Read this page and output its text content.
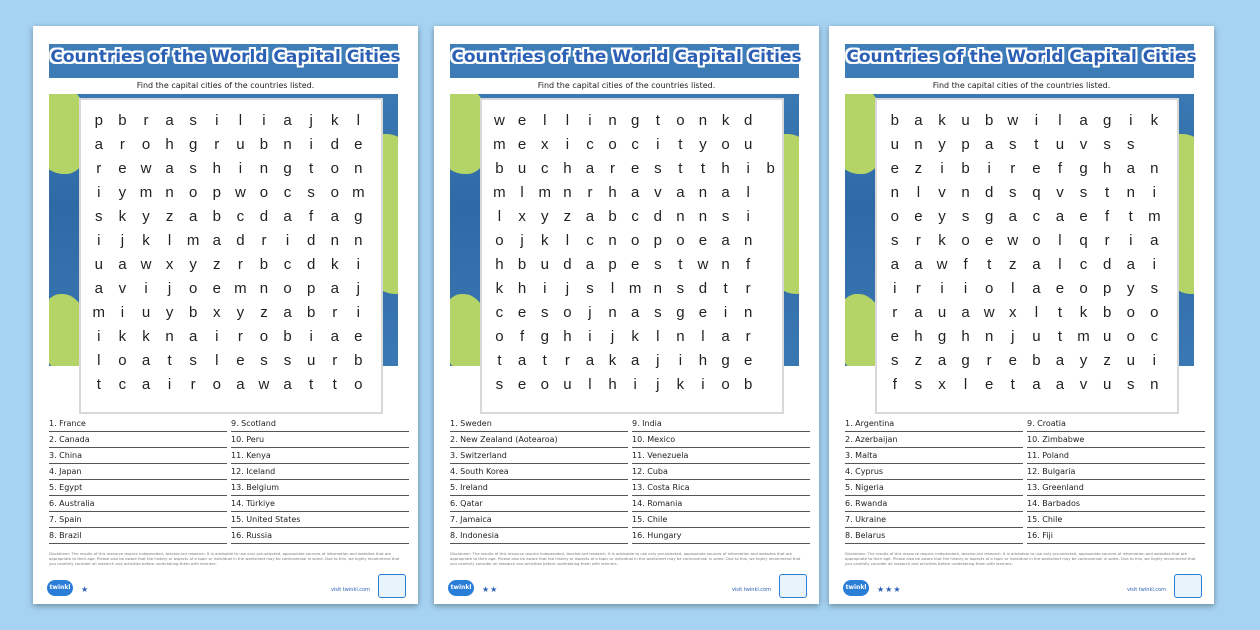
Countries of the World Capital Cities
Find the capital cities of the countries listed.
p	b	r	a	s	i	l	i	a	j	k	l
a	r	o	h	g	r	u	b	n	i	d	e
r	e	w	a	s	h	i	n	g	t	o	n
i	y	m	n	o	p	w	o	c	s	o	m
s	k	y	z	a	b	c	d	a	f	a	g
i	j	k	l	m	a	d	r	i	d	n	n
u	a	w	x	y	z	r	b	c	d	k	i
a	v	i	j	o	e	m	n	o	p	a	j
m	i	u	y	b	x	y	z	a	b	r	i
i	k	k	n	a	i	r	o	b	i	a	e
l	o	a	t	s	l	e	s	s	u	r	b
t	c	a	i	r	o	a	w	a	t	t	o
1. France
2. Canada
3. China
4. Japan
5. Egypt
6. Australia
7. Spain
8. Brazil
9. Scotland
10. Peru
11. Kenya
12. Iceland
13. Belgium
14. Türkiye
15. United States
16. Russia
Disclaimer: The results of this resource require independent, teacher-led research. It is advisable to use only pre-selected, appropriate sources of information and websites that are appropriate to their age. Please also be aware that the history or aspects of a topic or individual in the worksheet may be controversial in some. Due to this, we highly recommend that you carefully consider all research and activities before undertaking them with learners.
twinkl	★	visit twinkl.com
Countries of the World Capital Cities
Find the capital cities of the countries listed.
w	e	l	l	i	n	g	t	o	n	k	d	
m	e	x	i	c	o	c	i	t	y	o	u	
b	u	c	h	a	r	e	s	t	t	h	i	b
m	l	m	n	r	h	a	v	a	n	a	l	
l	x	y	z	a	b	c	d	n	n	s	i	
o	j	k	l	c	n	o	p	o	e	a	n	
h	b	u	d	a	p	e	s	t	w	n	f	
k	h	i	j	s	l	m	n	s	d	t	r	
c	e	s	o	j	n	a	s	g	e	i	n	
o	f	g	h	i	j	k	l	n	l	a	r	
t	a	t	r	a	k	a	j	i	h	g	e	
s	e	o	u	l	h	i	j	k	i	o	b	
1. Sweden
2. New Zealand (Aotearoa)
3. Switzerland
4. South Korea
5. Ireland
6. Qatar
7. Jamaica
8. Indonesia
9. India
10. Mexico
11. Venezuela
12. Cuba
13. Costa Rica
14. Romania
15. Chile
16. Hungary
Disclaimer: The results of this resource require independent, teacher-led research. It is advisable to use only pre-selected, appropriate sources of information and websites that are appropriate to their age. Please also be aware that the history or aspects of a topic or individual in the worksheet may be controversial in some. Due to this, we highly recommend that you carefully consider all research and activities before undertaking them with learners.
twinkl	★★	visit twinkl.com
Countries of the World Capital Cities
Find the capital cities of the countries listed.
b	a	k	u	b	w	i	l	a	g	i	k
u	n	y	p	a	s	t	u	v	s	s	
e	z	i	b	i	r	e	f	g	h	a	n
n	l	v	n	d	s	q	v	s	t	n	i
o	e	y	s	g	a	c	a	e	f	t	m
s	r	k	o	e	w	o	l	q	r	i	a
a	a	w	f	t	z	a	l	c	d	a	i
i	r	i	i	o	l	a	e	o	p	y	s
r	a	u	a	w	x	l	t	k	b	o	o
e	h	g	h	n	j	u	t	m	u	o	c
s	z	a	g	r	e	b	a	y	z	u	i
f	s	x	l	e	t	a	a	v	u	s	n
1. Argentina
2. Azerbaijan
3. Malta
4. Cyprus
5. Nigeria
6. Rwanda
7. Ukraine
8. Belarus
9. Croatia
10. Zimbabwe
11. Poland
12. Bulgaria
13. Greenland
14. Barbados
15. Chile
16. Fiji
Disclaimer: The results of this resource require independent, teacher-led research. It is advisable to use only pre-selected, appropriate sources of information and websites that are appropriate to their age. Please also be aware that the history or aspects of a topic or individual in the worksheet may be controversial in some. Due to this, we highly recommend that you carefully consider all research and activities before undertaking them with learners.
twinkl	★★★	visit twinkl.com
